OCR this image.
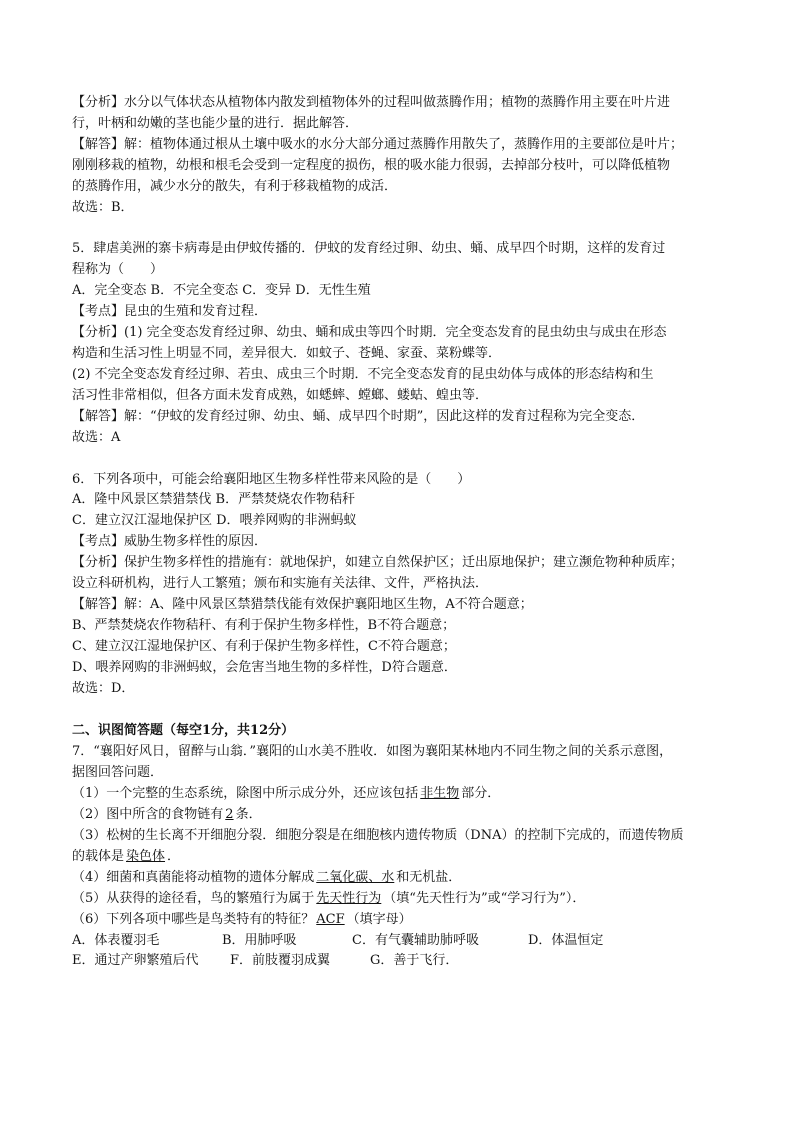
【分析】水分以气体状态从植物体内散发到植物体外的过程叫做蒸腾作用；植物的蒸腾作用主要在叶片进

行，叶柄和幼嫩的茎也能少量的进行．据此解答．

【解答】解：植物体通过根从土壤中吸水的水分大部分通过蒸腾作用散失了，蒸腾作用的主要部位是叶片；

刚刚移栽的植物，幼根和根毛会受到一定程度的损伤，根的吸水能力很弱，去掉部分枝叶，可以降低植物

的蒸腾作用，减少水分的散失，有利于移栽植物的成活．

故选：B．

5．肆虐美洲的寨卡病毒是由伊蚊传播的．伊蚊的发育经过卵、幼虫、蛹、成早四个时期，这样的发育过

程称为（　　）

A．完全变态 B．不完全变态 C．变异 D．无性生殖

【考点】昆虫的生殖和发育过程．

【分析】(1) 完全变态发育经过卵、幼虫、蛹和成虫等四个时期．完全变态发育的昆虫幼虫与成虫在形态

构造和生活习性上明显不同，差异很大．如蚊子、苍蝇、家蚕、菜粉蝶等．

(2) 不完全变态发育经过卵、若虫、成虫三个时期．不完全变态发育的昆虫幼体与成体的形态结构和生

活习性非常相似，但各方面未发育成熟，如蟋蟀、螳螂、蝼蛄、蝗虫等．

【解答】解：“伊蚊的发育经过卵、幼虫、蛹、成早四个时期”，因此这样的发育过程称为完全变态．

故选：A

6．下列各项中，可能会给襄阳地区生物多样性带来风险的是（　　）

A．隆中风景区禁猎禁伐 B．严禁焚烧农作物秸秆

C．建立汉江湿地保护区 D．喂养网购的非洲蚂蚁

【考点】威胁生物多样性的原因．

【分析】保护生物多样性的措施有：就地保护，如建立自然保护区；迁出原地保护；建立濒危物种种质库；

设立科研机构，进行人工繁殖；颁布和实施有关法律、文件，严格执法．

【解答】解：A、隆中风景区禁猎禁伐能有效保护襄阳地区生物，A不符合题意；

B、严禁焚烧农作物秸秆、有利于保护生物多样性，B不符合题意；

C、建立汉江湿地保护区、有利于保护生物多样性，C不符合题意；

D、喂养网购的非洲蚂蚁，会危害当地生物的多样性，D符合题意．

故选：D．

二、识图简答题（每空1分，共12分）

7．“襄阳好风日，留醉与山翁．”襄阳的山水美不胜收．如图为襄阳某林地内不同生物之间的关系示意图，

据图回答问题．

（1）一个完整的生态系统，除图中所示成分外，还应该包括 非生物 部分．

（2）图中所含的食物链有 2 条．

（3）松树的生长离不开细胞分裂．细胞分裂是在细胞核内遗传物质（DNA）的控制下完成的，而遗传物质

的载体是 染色体 ．

（4）细菌和真菌能将动植物的遗体分解成 二氧化碳、水 和无机盐．

（5）从获得的途径看，鸟的繁殖行为属于 先天性行为 （填“先天性行为”或“学习行为”）．

（6）下列各项中哪些是鸟类特有的特征？ ACF （填字母）

A．体表覆羽毛	B．用肺呼吸	C．有气囊辅助肺呼吸	D．体温恒定
E．通过产卵繁殖后代	F．前肢覆羽成翼	G．善于飞行．
